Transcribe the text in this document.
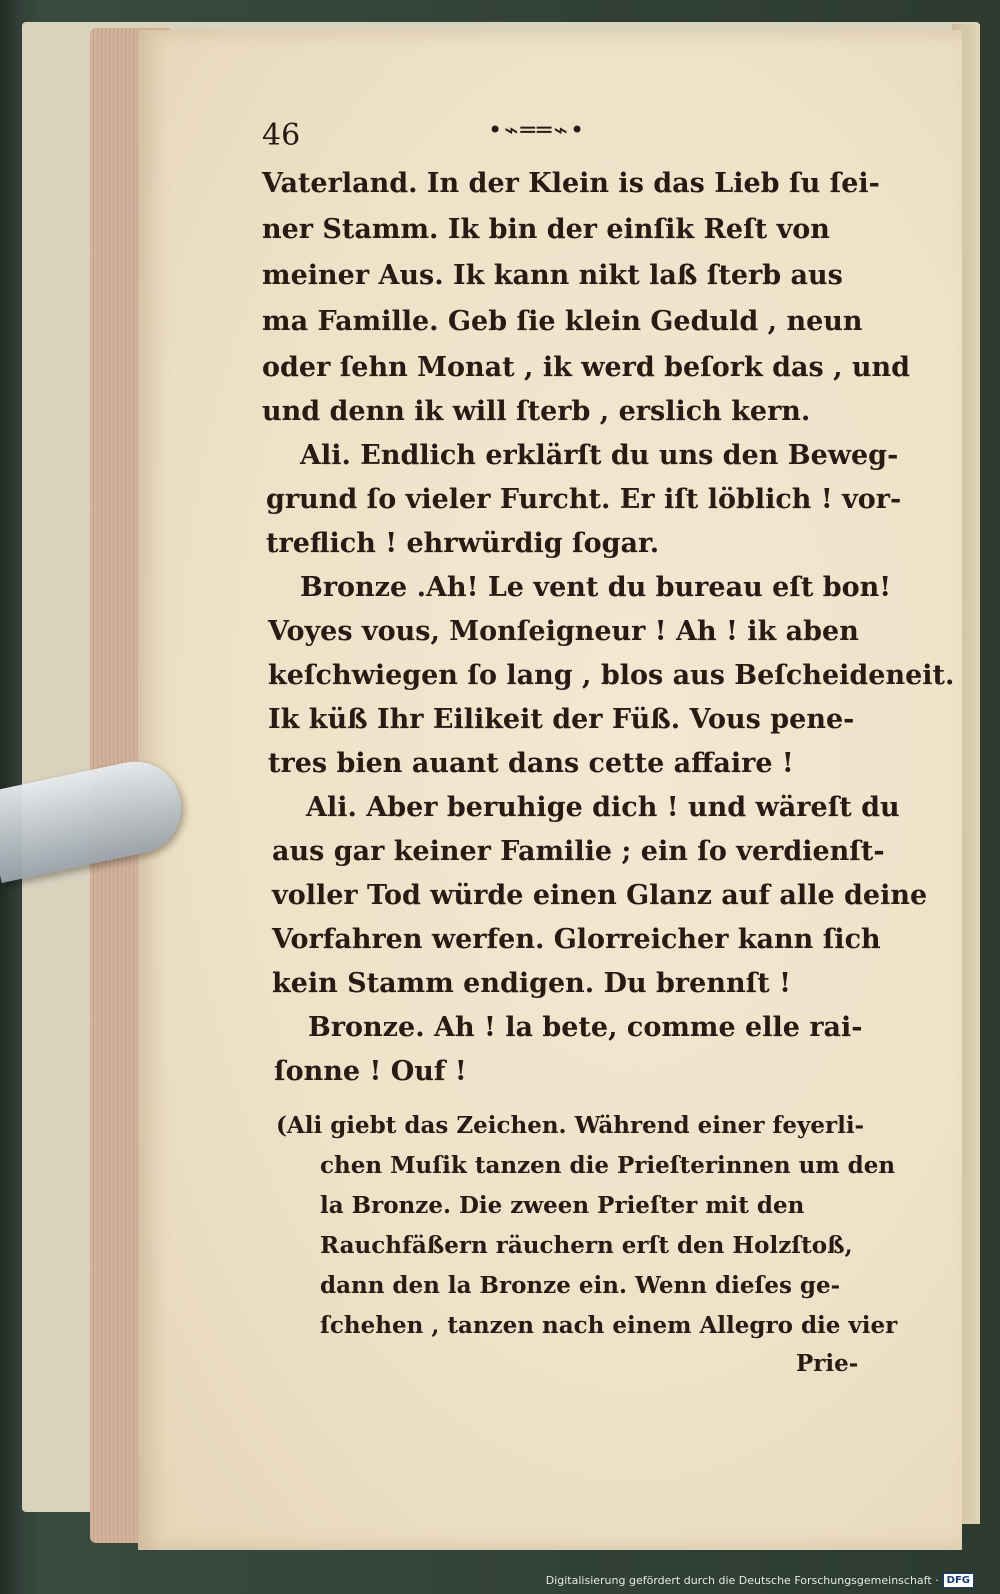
46	•⌁══⌁•
Vaterland. In der Klein is das Lieb ſu ſei-
ner Stamm. Ik bin der einſik Reſt von
meiner Aus. Ik kann nikt laß ſterb aus
ma Famille. Geb ſie klein Geduld , neun
oder ſehn Monat , ik werd beſork das , und
und denn ik will ſterb , erslich kern.
Ali. Endlich erklärſt du uns den Beweg-
grund ſo vieler Furcht. Er iſt löblich ! vor-
treflich ! ehrwürdig ſogar.
Bronze .Ah! Le vent du bureau eſt bon!
Voyes vous, Monſeigneur ! Ah ! ik aben
keſchwiegen ſo lang , blos aus Beſcheideneit.
Ik küß Ihr Eilikeit der Füß. Vous pene-
tres bien auant dans cette affaire !
Ali. Aber beruhige dich ! und wäreſt du
aus gar keiner Familie ; ein ſo verdienſt-
voller Tod würde einen Glanz auf alle deine
Vorfahren werfen. Glorreicher kann ſich
kein Stamm endigen. Du brennſt !
Bronze. Ah ! la bete, comme elle rai-
ſonne ! Ouf !
(Ali giebt das Zeichen. Während einer feyerli-
chen Muſik tanzen die Prieſterinnen um den
la Bronze. Die zween Prieſter mit den
Rauchfäßern räuchern erſt den Holzſtoß,
dann den la Bronze ein. Wenn dieſes ge-
ſchehen , tanzen nach einem Allegro die vier
Prie-
Digitalisierung gefördert durch die Deutsche Forschungsgemeinschaft · DFG
